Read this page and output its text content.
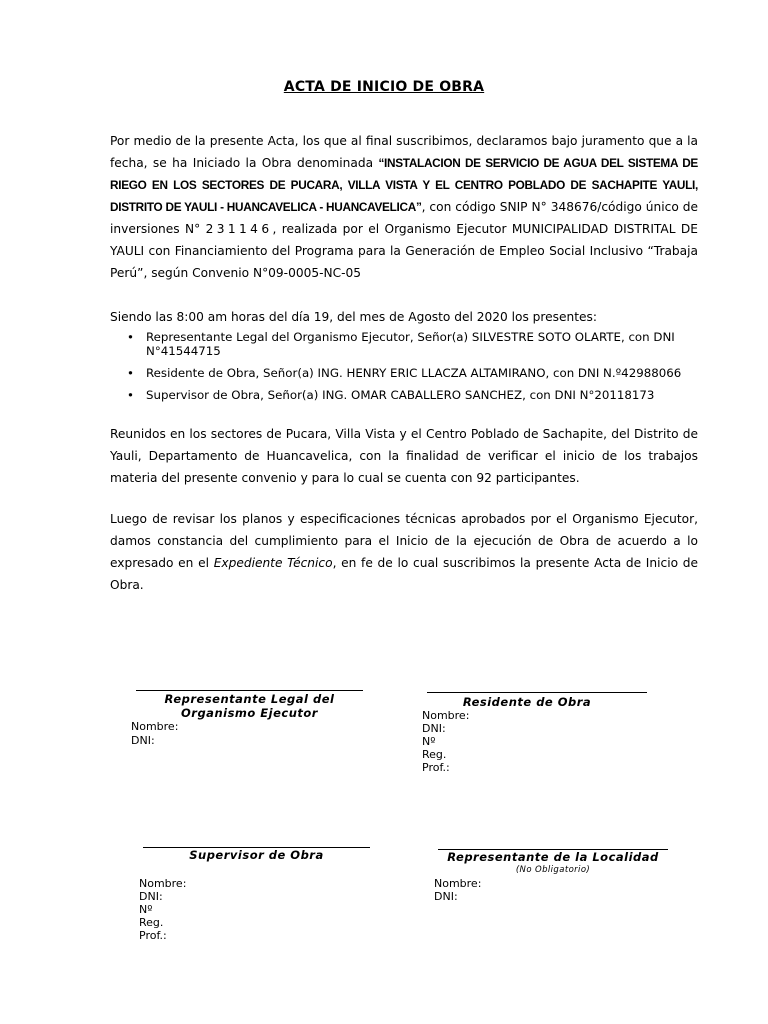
ACTA DE INICIO DE OBRA
Por medio de la presente Acta, los que al final suscribimos, declaramos bajo juramento que a la fecha, se ha Iniciado la Obra denominada “INSTALACION DE SERVICIO DE AGUA DEL SISTEMA DE RIEGO EN LOS SECTORES DE PUCARA, VILLA VISTA Y EL CENTRO POBLADO DE SACHAPITE YAULI, DISTRITO DE YAULI - HUANCAVELICA - HUANCAVELICA”, con código SNIP N° 348676/código único de inversiones N° 231146, realizada por el Organismo Ejecutor MUNICIPALIDAD DISTRITAL DE YAULI con Financiamiento del Programa para la Generación de Empleo Social Inclusivo “Trabaja Perú”, según Convenio N°09-0005-NC-05
Siendo las 8:00 am horas del día 19, del mes de Agosto del 2020 los presentes:
• Representante Legal del Organismo Ejecutor, Señor(a) SILVESTRE SOTO OLARTE, con DNI N°41544715
• Residente de Obra, Señor(a) ING. HENRY ERIC LLACZA ALTAMIRANO, con DNI N.º42988066
• Supervisor de Obra, Señor(a) ING. OMAR CABALLERO SANCHEZ, con DNI N°20118173
Reunidos en los sectores de Pucara, Villa Vista y el Centro Poblado de Sachapite, del Distrito de Yauli, Departamento de Huancavelica, con la finalidad de verificar el inicio de los trabajos materia del presente convenio y para lo cual se cuenta con 92 participantes.
Luego de revisar los planos y especificaciones técnicas aprobados por el Organismo Ejecutor, damos constancia del cumplimiento para el Inicio de la ejecución de Obra de acuerdo a lo expresado en el Expediente Técnico, en fe de lo cual suscribimos la presente Acta de Inicio de Obra.
Representante Legal del Organismo Ejecutor
Nombre:
DNI:
Residente de Obra
Nombre:
DNI:
Nº Reg. Prof.:
Supervisor de Obra
Nombre:
DNI:
Nº Reg. Prof.:
Representante de la Localidad
(No Obligatorio)
Nombre:
DNI:
